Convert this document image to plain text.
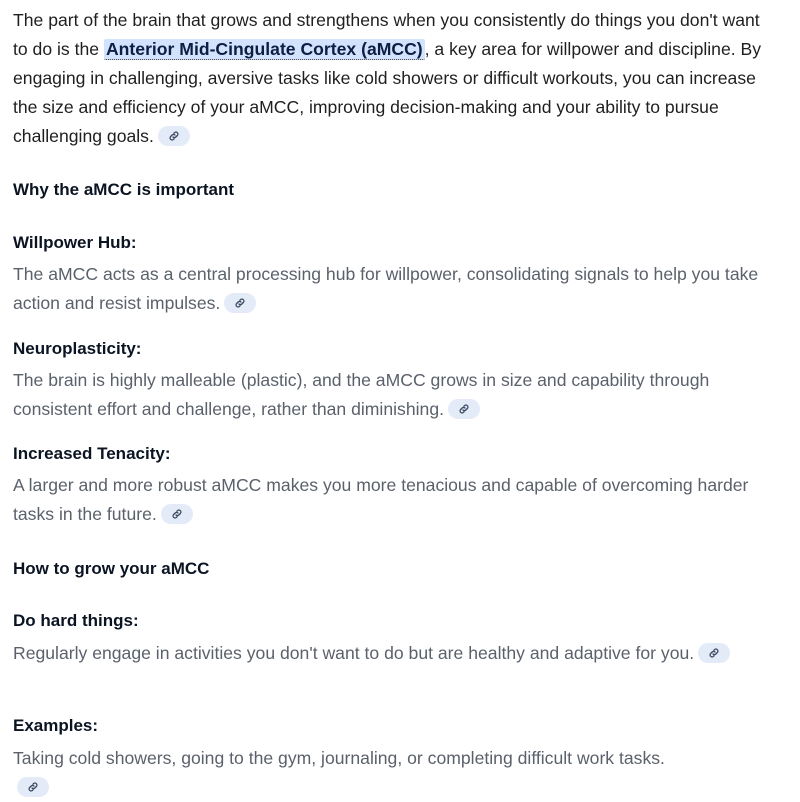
The part of the brain that grows and strengthens when you consistently do things you don't want to do is the Anterior Mid-Cingulate Cortex (aMCC) , a key area for willpower and discipline. By engaging in challenging, aversive tasks like cold showers or difficult workouts, you can increase the size and efficiency of your aMCC, improving decision-making and your ability to pursue challenging goals.

Why the aMCC is important

Willpower Hub:

The aMCC acts as a central processing hub for willpower, consolidating signals to help you take action and resist impulses.

Neuroplasticity:

The brain is highly malleable (plastic), and the aMCC grows in size and capability through consistent effort and challenge, rather than diminishing.

Increased Tenacity:

A larger and more robust aMCC makes you more tenacious and capable of overcoming harder tasks in the future.

How to grow your aMCC

Do hard things:

Regularly engage in activities you don't want to do but are healthy and adaptive for you.

Examples:

Taking cold showers, going to the gym, journaling, or completing difficult work tasks.
